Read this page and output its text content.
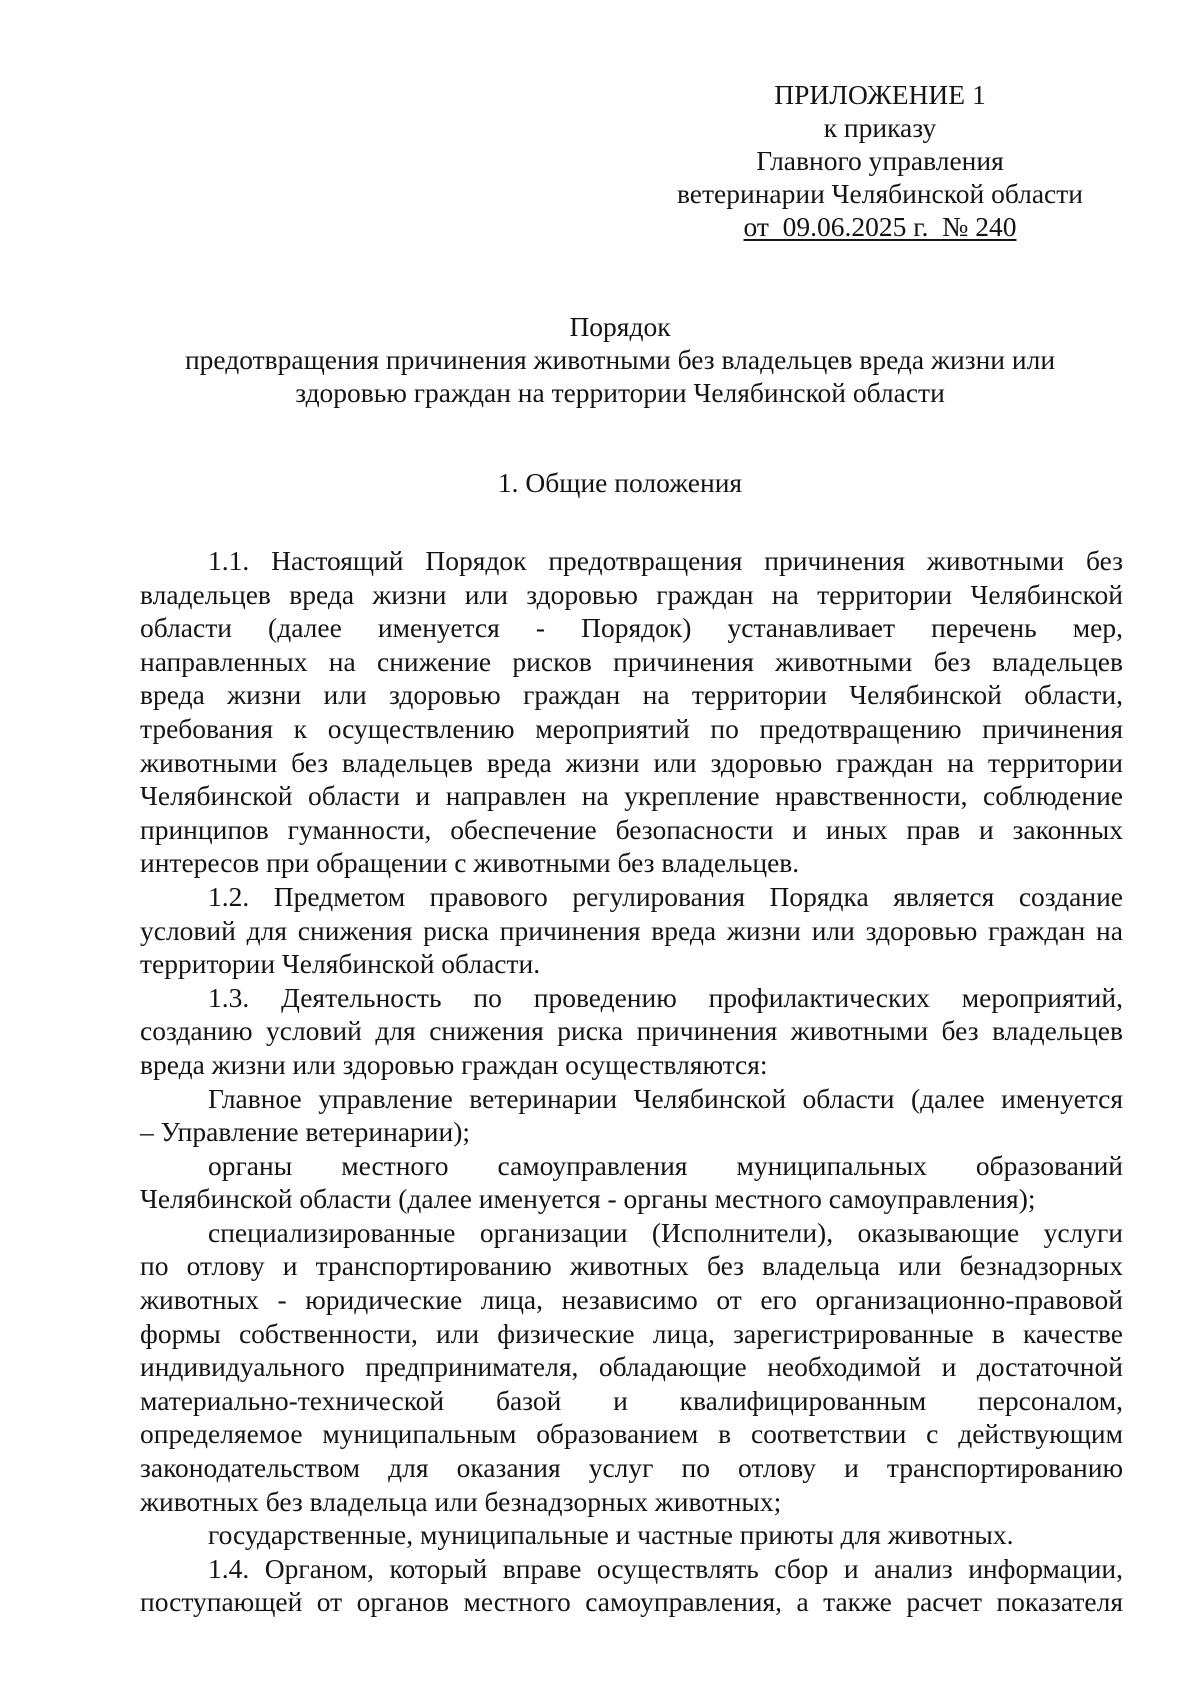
ПРИЛОЖЕНИЕ 1
к приказу
Главного управления
ветеринарии Челябинской области
от  09.06.2025 г.  № 240
Порядок
предотвращения причинения животными без владельцев вреда жизни или
здоровью граждан на территории Челябинской области
1. Общие положения
1.1. Настоящий Порядок предотвращения причинения животными без
владельцев вреда жизни или здоровью граждан на территории Челябинской
области (далее именуется - Порядок) устанавливает перечень мер,
направленных на снижение рисков причинения животными без владельцев
вреда жизни или здоровью граждан на территории Челябинской области,
требования к осуществлению мероприятий по предотвращению причинения
животными без владельцев вреда жизни или здоровью граждан на территории
Челябинской области и направлен на укрепление нравственности, соблюдение
принципов гуманности, обеспечение безопасности и иных прав и законных
интересов при обращении с животными без владельцев.
1.2. Предметом правового регулирования Порядка является создание
условий для снижения риска причинения вреда жизни или здоровью граждан на
территории Челябинской области.
1.3. Деятельность по проведению профилактических мероприятий,
созданию условий для снижения риска причинения животными без владельцев
вреда жизни или здоровью граждан осуществляются:
Главное управление ветеринарии Челябинской области (далее именуется
– Управление ветеринарии);
органы местного самоуправления муниципальных образований
Челябинской области (далее именуется - органы местного самоуправления);
специализированные организации (Исполнители), оказывающие услуги
по отлову и транспортированию животных без владельца или безнадзорных
животных - юридические лица, независимо от его организационно-правовой
формы собственности, или физические лица, зарегистрированные в качестве
индивидуального предпринимателя, обладающие необходимой и достаточной
материально-технической базой и квалифицированным персоналом,
определяемое муниципальным образованием в соответствии с действующим
законодательством для оказания услуг по отлову и транспортированию
животных без владельца или безнадзорных животных;
государственные, муниципальные и частные приюты для животных.
1.4. Органом, который вправе осуществлять сбор и анализ информации,
поступающей от органов местного самоуправления, а также расчет показателя
